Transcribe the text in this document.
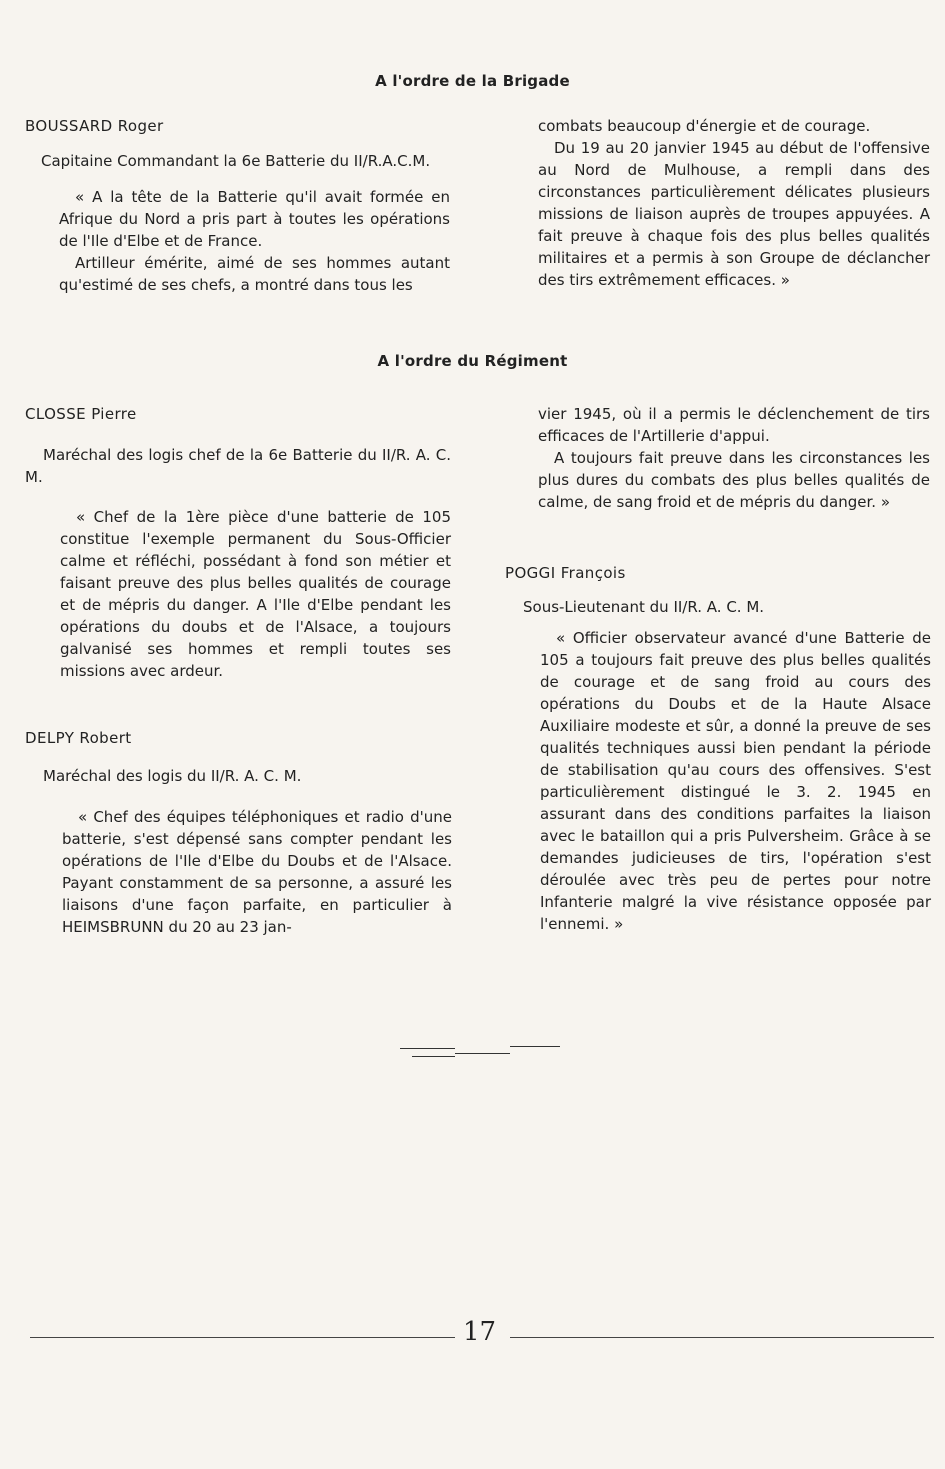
A l'ordre de la Brigade
BOUSSARD Roger
Capitaine Commandant la 6e Batterie du II/R.A.C.M.

« A la tête de la Batterie qu'il avait formée en Afrique du Nord a pris part à toutes les opérations de l'Ile d'Elbe et de France.

Artilleur émérite, aimé de ses hommes autant qu'estimé de ses chefs, a montré dans tous les

combats beaucoup d'énergie et de courage.

Du 19 au 20 janvier 1945 au début de l'offensive au Nord de Mulhouse, a rempli dans des circonstances particulièrement délicates plusieurs missions de liaison auprès de troupes appuyées. A fait preuve à chaque fois des plus belles qualités militaires et a permis à son Groupe de déclancher des tirs extrêmement efficaces. »

A l'ordre du Régiment
CLOSSE Pierre

Maréchal des logis chef de la 6e Batterie du II/R. A. C. M.

« Chef de la 1ère pièce d'une batterie de 105 constitue l'exemple permanent du Sous-Officier calme et réfléchi, possédant à fond son métier et faisant preuve des plus belles qualités de courage et de mépris du danger. A l'Ile d'Elbe pendant les opérations du doubs et de l'Alsace, a toujours galvanisé ses hommes et rempli toutes ses missions avec ardeur.

DELPY Robert
Maréchal des logis du II/R. A. C. M.

« Chef des équipes téléphoniques et radio d'une batterie, s'est dépensé sans compter pendant les opérations de l'Ile d'Elbe du Doubs et de l'Alsace. Payant constamment de sa personne, a assuré les liaisons d'une façon parfaite, en particulier à HEIMSBRUNN du 20 au 23 jan-

vier 1945, où il a permis le déclenchement de tirs efficaces de l'Artillerie d'appui.

A toujours fait preuve dans les circonstances les plus dures du combats des plus belles qualités de calme, de sang froid et de mépris du danger. »

POGGI François
Sous-Lieutenant du II/R. A. C. M.

« Officier observateur avancé d'une Batterie de 105 a toujours fait preuve des plus belles qualités de courage et de sang froid au cours des opérations du Doubs et de la Haute Alsace Auxiliaire modeste et sûr, a donné la preuve de ses qualités techniques aussi bien pendant la période de stabilisation qu'au cours des offensives. S'est particulièrement distingué le 3. 2. 1945 en assurant dans des conditions parfaites la liaison avec le bataillon qui a pris Pulversheim. Grâce à se demandes judicieuses de tirs, l'opération s'est déroulée avec très peu de pertes pour notre Infanterie malgré la vive résistance opposée par l'ennemi. »

17
